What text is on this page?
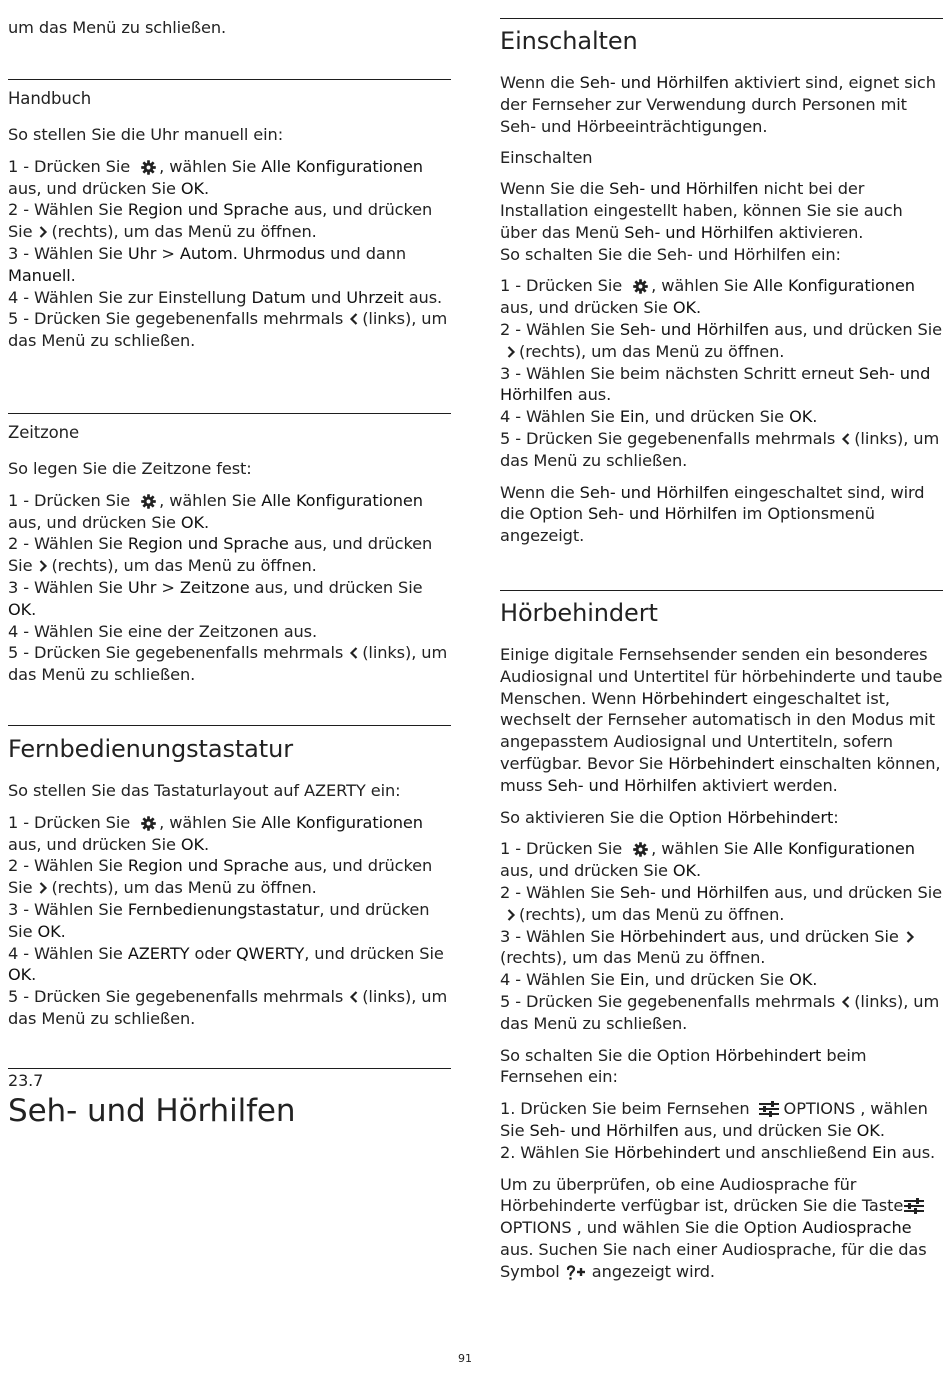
um das Menü zu schließen.

Handbuch

So stellen Sie die Uhr manuell ein:

1 - Drücken Sie , wählen Sie Alle Konfigurationen aus, und drücken Sie OK.
2 - Wählen Sie Region und Sprache aus, und drücken Sie (rechts), um das Menü zu öffnen.
3 - Wählen Sie Uhr > Autom. Uhrmodus und dann Manuell.
4 - Wählen Sie zur Einstellung Datum und Uhrzeit aus.
5 - Drücken Sie gegebenenfalls mehrmals (links), um das Menü zu schließen.

Zeitzone

So legen Sie die Zeitzone fest:

1 - Drücken Sie , wählen Sie Alle Konfigurationen aus, und drücken Sie OK.
2 - Wählen Sie Region und Sprache aus, und drücken Sie (rechts), um das Menü zu öffnen.
3 - Wählen Sie Uhr > Zeitzone aus, und drücken Sie OK.
4 - Wählen Sie eine der Zeitzonen aus.
5 - Drücken Sie gegebenenfalls mehrmals (links), um das Menü zu schließen.

Fernbedienungstastatur

So stellen Sie das Tastaturlayout auf AZERTY ein:

1 - Drücken Sie , wählen Sie Alle Konfigurationen aus, und drücken Sie OK.
2 - Wählen Sie Region und Sprache aus, und drücken Sie (rechts), um das Menü zu öffnen.
3 - Wählen Sie Fernbedienungstastatur, und drücken Sie OK.
4 - Wählen Sie AZERTY oder QWERTY, und drücken Sie OK.
5 - Drücken Sie gegebenenfalls mehrmals (links), um das Menü zu schließen.

23.7

Seh- und Hörhilfen

Einschalten

Wenn die Seh- und Hörhilfen aktiviert sind, eignet sich der Fernseher zur Verwendung durch Personen mit Seh- und Hörbeeinträchtigungen.

Einschalten

Wenn Sie die Seh- und Hörhilfen nicht bei der Installation eingestellt haben, können Sie sie auch über das Menü Seh- und Hörhilfen aktivieren.
So schalten Sie die Seh- und Hörhilfen ein:

1 - Drücken Sie , wählen Sie Alle Konfigurationen aus, und drücken Sie OK.
2 - Wählen Sie Seh- und Hörhilfen aus, und drücken Sie(rechts), um das Menü zu öffnen.
3 - Wählen Sie beim nächsten Schritt erneut Seh- und Hörhilfen aus.
4 - Wählen Sie Ein, und drücken Sie OK.
5 - Drücken Sie gegebenenfalls mehrmals (links), um das Menü zu schließen.

Wenn die Seh- und Hörhilfen eingeschaltet sind, wird die Option Seh- und Hörhilfen im Optionsmenü angezeigt.

Hörbehindert

Einige digitale Fernsehsender senden ein besonderes Audiosignal und Untertitel für hörbehinderte und taube Menschen. Wenn Hörbehindert eingeschaltet ist, wechselt der Fernseher automatisch in den Modus mit angepasstem Audiosignal und Untertiteln, sofern verfügbar. Bevor Sie Hörbehindert einschalten können, muss Seh- und Hörhilfen aktiviert werden.

So aktivieren Sie die Option Hörbehindert:

1 - Drücken Sie , wählen Sie Alle Konfigurationen aus, und drücken Sie OK.
2 - Wählen Sie Seh- und Hörhilfen aus, und drücken Sie(rechts), um das Menü zu öffnen.
3 - Wählen Sie Hörbehindert aus, und drücken Sie(rechts), um das Menü zu öffnen.
4 - Wählen Sie Ein, und drücken Sie OK.
5 - Drücken Sie gegebenenfalls mehrmals (links), um das Menü zu schließen.

So schalten Sie die Option Hörbehindert beim Fernsehen ein:

1. Drücken Sie beim Fernsehen OPTIONS , wählen Sie Seh- und Hörhilfen aus, und drücken Sie OK.
2. Wählen Sie Hörbehindert und anschließend Ein aus.

Um zu überprüfen, ob eine Audiosprache für Hörbehinderte verfügbar ist, drücken Sie die TasteOPTIONS , und wählen Sie die Option Audiosprache aus. Suchen Sie nach einer Audiosprache, für die das Symbol angezeigt wird.

91
